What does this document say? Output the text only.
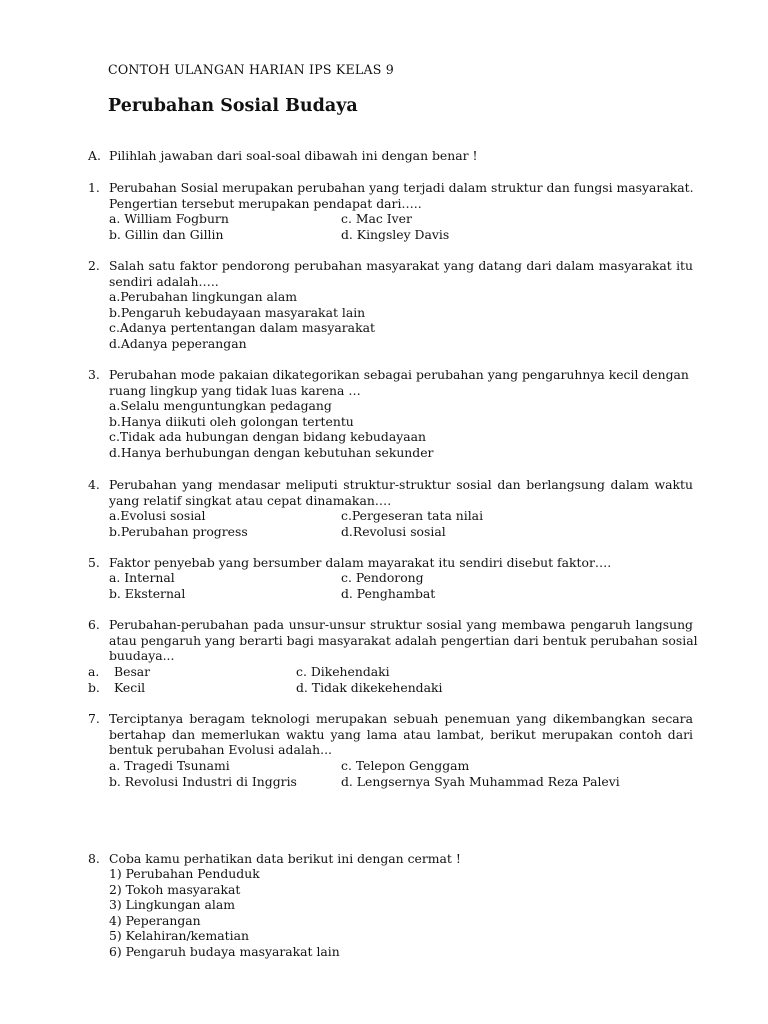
CONTOH ULANGAN HARIAN IPS KELAS 9
Perubahan Sosial Budaya
A. Pilihlah jawaban dari soal-soal dibawah ini dengan benar !
1. Perubahan Sosial merupakan perubahan yang terjadi dalam struktur dan fungsi masyarakat.
Pengertian tersebut merupakan pendapat dari…..
a. William Fogburn
b. Gillin dan Gillin
c. Mac Iver
d. Kingsley Davis
2. Salah satu faktor pendorong perubahan masyarakat yang datang dari dalam masyarakat itu
sendiri adalah…..
a.Perubahan lingkungan alam
b.Pengaruh kebudayaan masyarakat lain
c.Adanya pertentangan dalam masyarakat
d.Adanya peperangan
3. Perubahan mode pakaian dikategorikan sebagai perubahan yang pengaruhnya kecil dengan
ruang lingkup yang tidak luas karena …
a.Selalu menguntungkan pedagang
b.Hanya diikuti oleh golongan tertentu
c.Tidak ada hubungan dengan bidang kebudayaan
d.Hanya berhubungan dengan kebutuhan sekunder
4. Perubahan yang mendasar meliputi struktur-struktur sosial dan berlangsung dalam waktu
yang relatif singkat atau cepat dinamakan….
a.Evolusi sosial
b.Perubahan progress
c.Pergeseran tata nilai
d.Revolusi sosial
5. Faktor penyebab yang bersumber dalam mayarakat itu sendiri disebut faktor….
a. Internal
b. Eksternal
c. Pendorong
d. Penghambat
6. Perubahan-perubahan pada unsur-unsur struktur sosial yang membawa pengaruh langsung
atau pengaruh yang berarti bagi masyarakat adalah pengertian dari bentuk perubahan sosial
buudaya...
a. Besar
b. Kecil
c. Dikehendaki
d. Tidak dikekehendaki
7. Terciptanya beragam teknologi merupakan sebuah penemuan yang dikembangkan secara
bertahap dan memerlukan waktu yang lama atau lambat, berikut merupakan contoh dari
bentuk perubahan Evolusi adalah...
a. Tragedi Tsunami
b. Revolusi Industri di Inggris
c. Telepon Genggam
d. Lengsernya Syah Muhammad Reza Palevi
8. Coba kamu perhatikan data berikut ini dengan cermat !
1) Perubahan Penduduk
2) Tokoh masyarakat
3) Lingkungan alam
4) Peperangan
5) Kelahiran/kematian
6) Pengaruh budaya masyarakat lain
